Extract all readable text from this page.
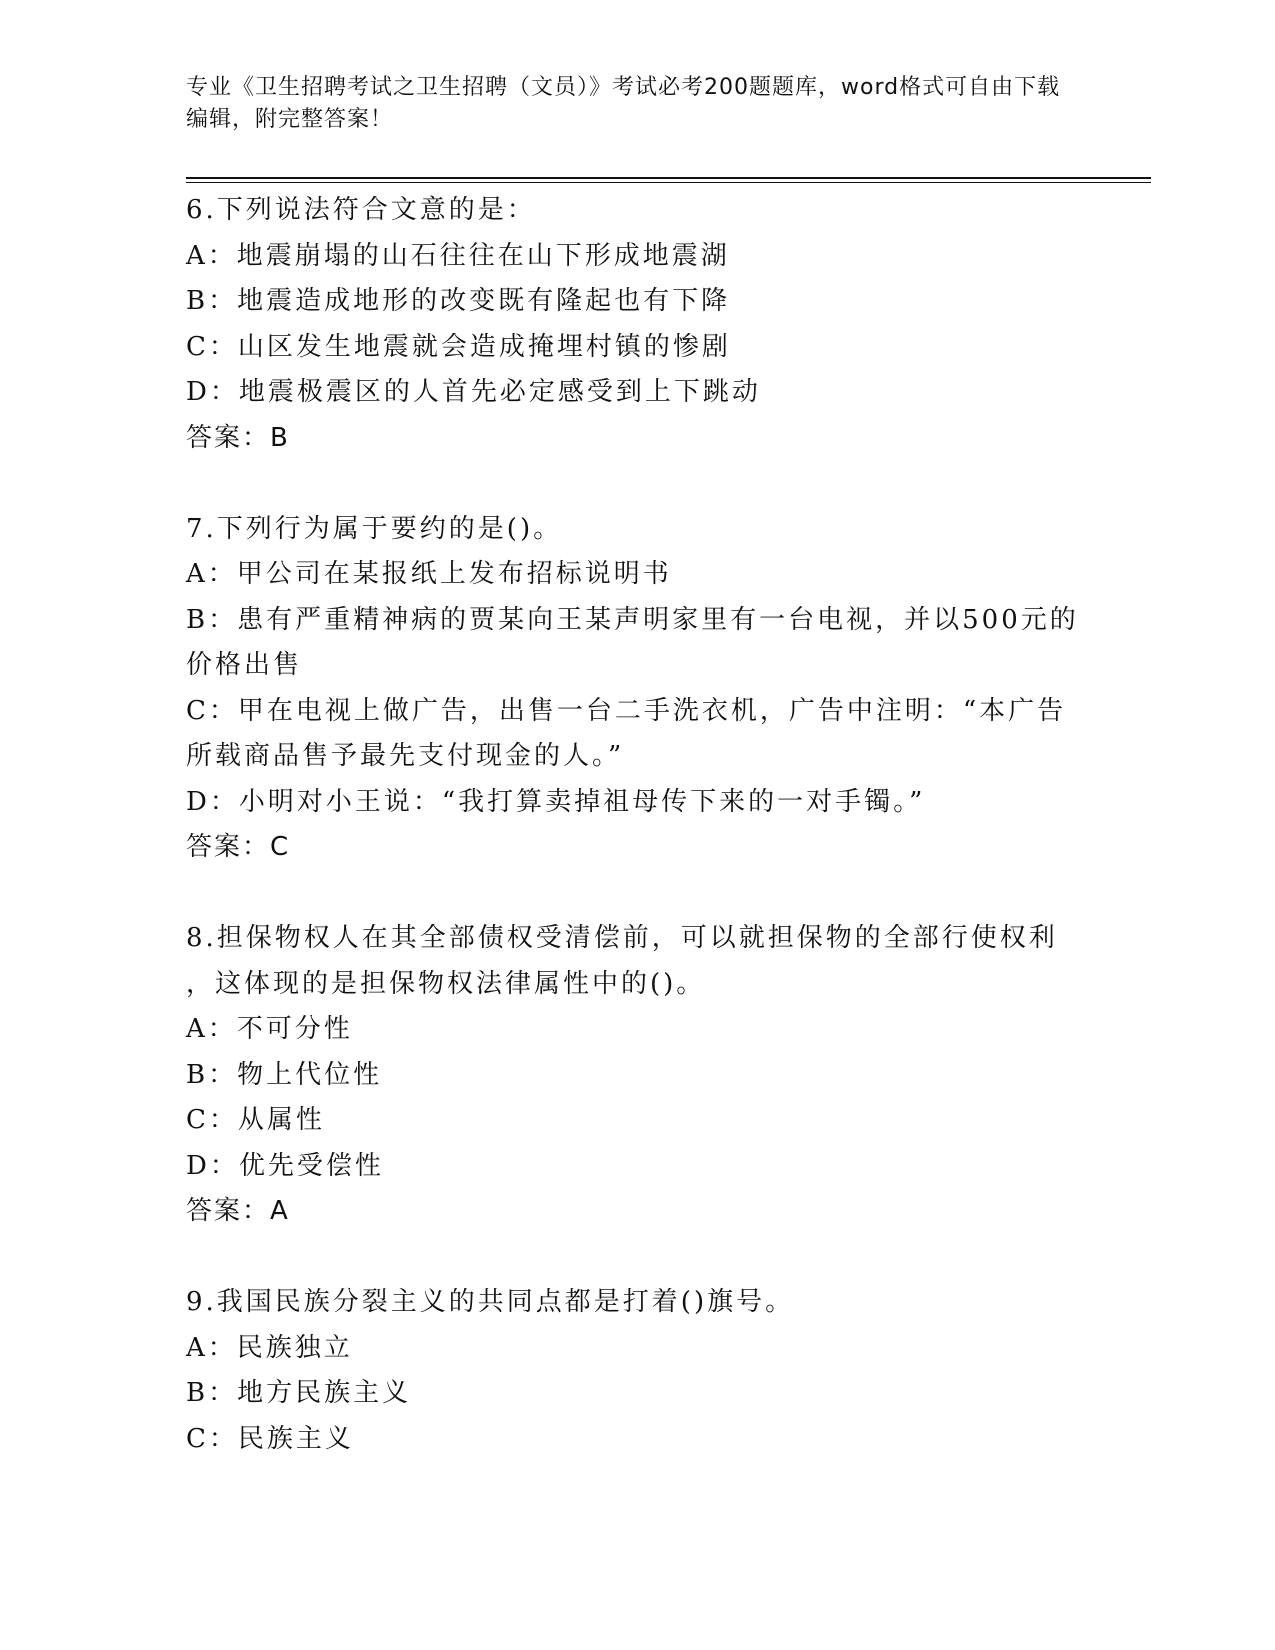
专业《卫生招聘考试之卫生招聘（文员）》考试必考200题题库，word格式可自由下载编辑，附完整答案！
6.下列说法符合文意的是：
A：地震崩塌的山石往往在山下形成地震湖
B：地震造成地形的改变既有隆起也有下降
C：山区发生地震就会造成掩埋村镇的惨剧
D：地震极震区的人首先必定感受到上下跳动
答案：B
7.下列行为属于要约的是()。
A：甲公司在某报纸上发布招标说明书
B：患有严重精神病的贾某向王某声明家里有一台电视，并以500元的
价格出售
C：甲在电视上做广告，出售一台二手洗衣机，广告中注明：“本广告
所载商品售予最先支付现金的人。”
D：小明对小王说：“我打算卖掉祖母传下来的一对手镯。”
答案：C
8.担保物权人在其全部债权受清偿前，可以就担保物的全部行使权利
，这体现的是担保物权法律属性中的()。
A：不可分性
B：物上代位性
C：从属性
D：优先受偿性
答案：A
9.我国民族分裂主义的共同点都是打着()旗号。
A：民族独立
B：地方民族主义
C：民族主义
